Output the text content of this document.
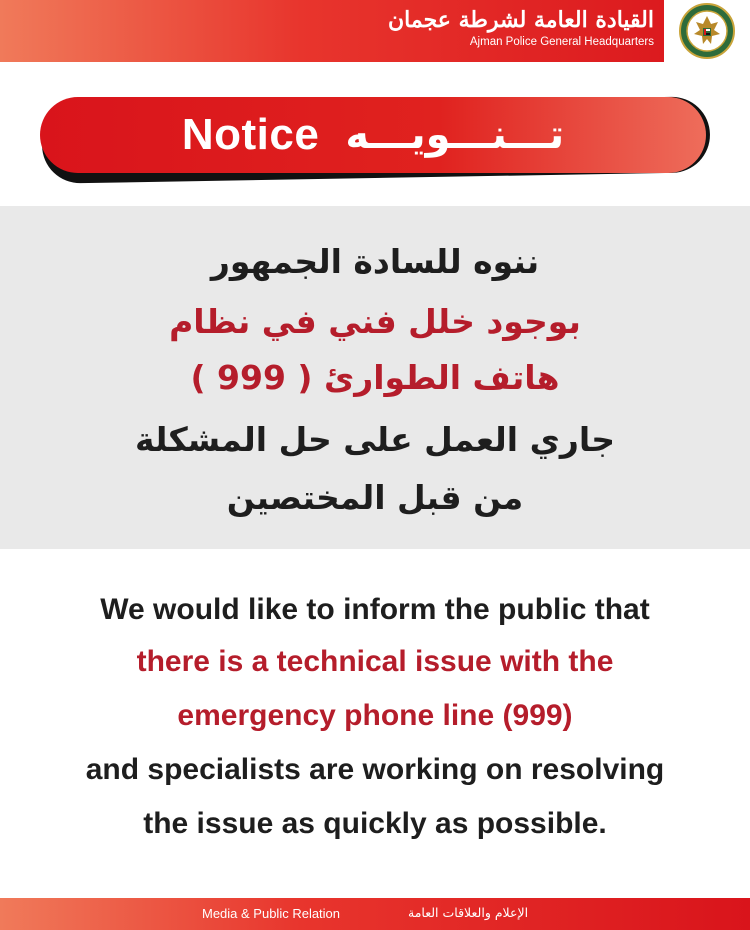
القيادة العامة لشرطة عجمان
Ajman Police General Headquarters
Notice تـــنـــويـــه
ننوه للسادة الجمهور
بوجود خلل فني في نظام
هاتف الطوارئ ( 999 )
جاري العمل على حل المشكلة
من قبل المختصين
We would like to inform the public that
there is a technical issue with the
emergency phone line (999)
and specialists are working on resolving
the issue as quickly as possible.
Media & Public Relation	الإعلام والعلاقات العامة
